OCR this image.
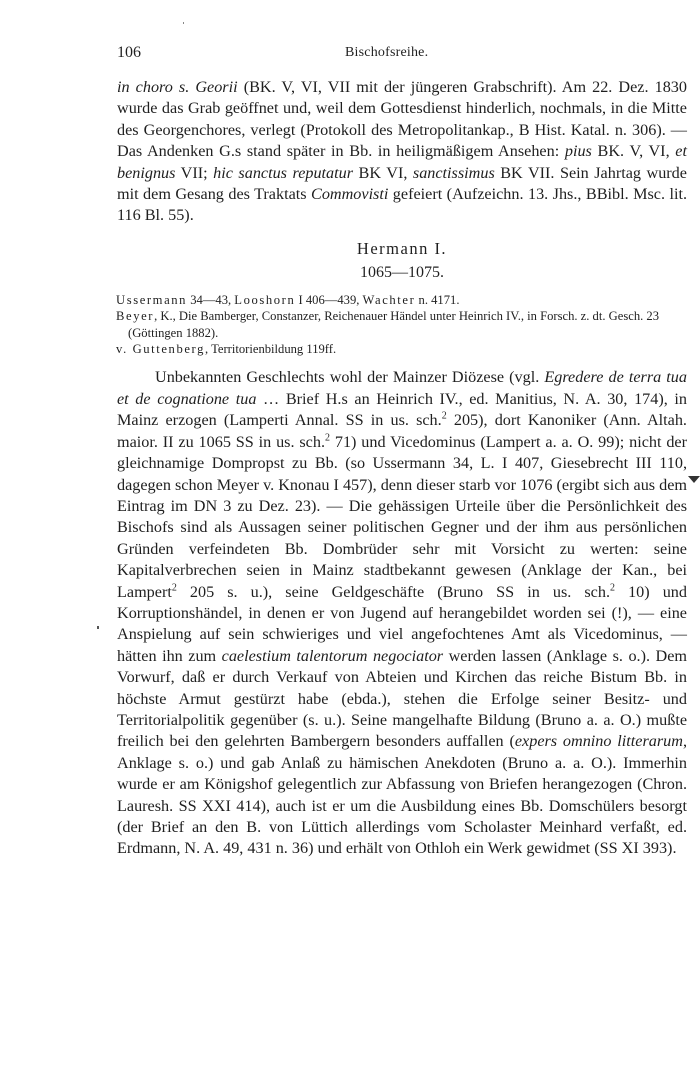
106	Bischofsreihe.

in choro s. Georii (BK. V, VI, VII mit der jüngeren Grabschrift). Am 22. Dez. 1830 wurde das Grab geöffnet und, weil dem Gottesdienst hinderlich, nochmals, in die Mitte des Georgenchores, verlegt (Protokoll des Metropolitankap., B Hist. Katal. n. 306). — Das Andenken G.s stand später in Bb. in heiligmäßigem Ansehen: pius BK. V, VI, et benignus VII; hic sanctus reputatur BK VI, sanctissimus BK VII. Sein Jahrtag wurde mit dem Gesang des Traktats Commovisti gefeiert (Aufzeichn. 13. Jhs., BBibl. Msc. lit. 116 Bl. 55).

Hermann I.
1065—1075.

Ussermann 34—43, Looshorn I 406—439, Wachter n. 4171.

Beyer, K., Die Bamberger, Constanzer, Reichenauer Händel unter Heinrich IV., in Forsch. z. dt. Gesch. 23 (Göttingen 1882).

v. Guttenberg, Territorienbildung 119ff.

Unbekannten Geschlechts wohl der Mainzer Diözese (vgl. Egredere de terra tua et de cognatione tua … Brief H.s an Heinrich IV., ed. Manitius, N. A. 30, 174), in Mainz erzogen (Lamperti Annal. SS in us. sch.$^2$ 205), dort Kanoniker (Ann. Altah. maior. II zu 1065 SS in us. sch.$^2$ 71) und Vicedominus (Lampert a. a. O. 99); nicht der gleichnamige Dompropst zu Bb. (so Ussermann 34, L. I 407, Giesebrecht III 110, dagegen schon Meyer v. Knonau I 457), denn dieser starb vor 1076 (ergibt sich aus dem Eintrag im DN 3 zu Dez. 23). — Die gehässigen Urteile über die Persönlichkeit des Bischofs sind als Aussagen seiner politischen Gegner und der ihm aus persönlichen Gründen verfeindeten Bb. Dombrüder sehr mit Vorsicht zu werten: seine Kapitalverbrechen seien in Mainz stadtbekannt gewesen (Anklage der Kan., bei Lampert$^2$ 205 s. u.), seine Geldgeschäfte (Bruno SS in us. sch.$^2$ 10) und Korruptionshändel, in denen er von Jugend auf herangebildet worden sei (!), — eine Anspielung auf sein schwieriges und viel angefochtenes Amt als Vicedominus, — hätten ihn zum caelestium talentorum negociator werden lassen (Anklage s. o.). Dem Vorwurf, daß er durch Verkauf von Abteien und Kirchen das reiche Bistum Bb. in höchste Armut gestürzt habe (ebda.), stehen die Erfolge seiner Besitz- und Territorialpolitik gegenüber (s. u.). Seine mangelhafte Bildung (Bruno a. a. O.) mußte freilich bei den gelehrten Bambergern besonders auffallen (expers omnino litterarum, Anklage s. o.) und gab Anlaß zu hämischen Anekdoten (Bruno a. a. O.). Immerhin wurde er am Königshof gelegentlich zur Abfassung von Briefen herangezogen (Chron. Lauresh. SS XXI 414), auch ist er um die Ausbildung eines Bb. Domschülers besorgt (der Brief an den B. von Lüttich allerdings vom Scholaster Meinhard verfaßt, ed. Erdmann, N. A. 49, 431 n. 36) und erhält von Othloh ein Werk gewidmet (SS XI 393).
